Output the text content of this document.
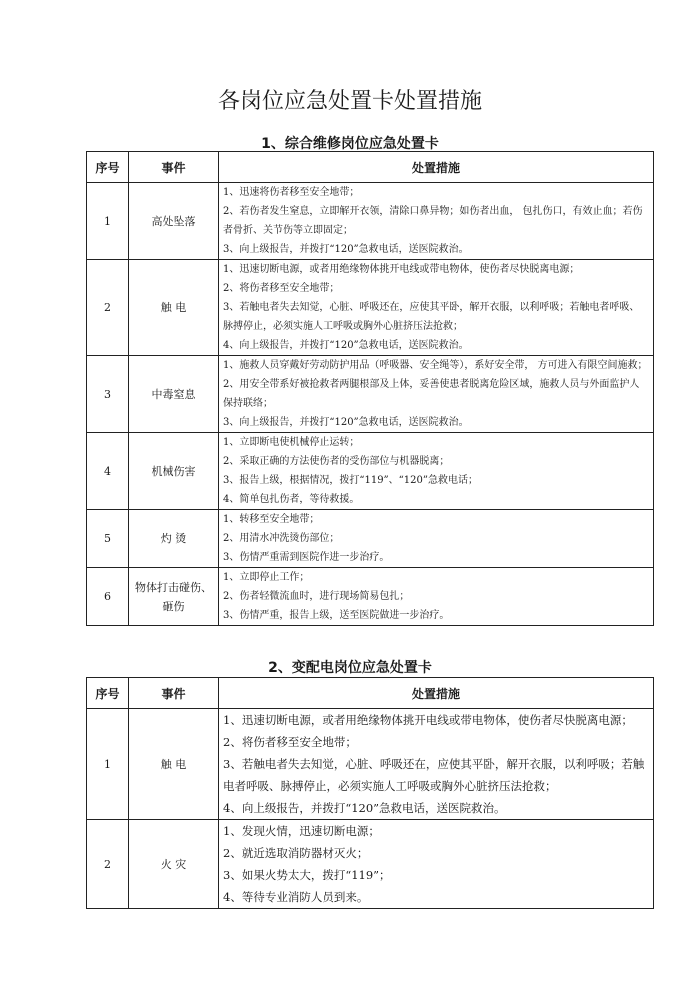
各岗位应急处置卡处置措施
1、综合维修岗位应急处置卡
序号	事件	处置措施
1	高处坠落	1、迅速将伤者移至安全地带；
2、若伤者发生窒息，立即解开衣领，清除口鼻异物；如伤者出血， 包扎伤口，有效止血；若伤者骨折、关节伤等立即固定；
3、向上级报告，并拨打“120”急救电话，送医院救治。

2	触 电	1、迅速切断电源，或者用绝缘物体挑开电线或带电物体，使伤者尽快脱离电源；
2、将伤者移至安全地带；
3、若触电者失去知觉，心脏、呼吸还在，应使其平卧，解开衣服，以利呼吸；若触电者呼吸、脉搏停止，必须实施人工呼吸或胸外心脏挤压法抢救；
4、向上级报告，并拨打“120”急救电话，送医院救治。

3	中毒窒息	1、施救人员穿戴好劳动防护用品（呼吸器、安全绳等），系好安全带， 方可进入有限空间施救；
2、用安全带系好被抢救者两腿根部及上体，妥善使患者脱离危险区域，施救人员与外面监护人保持联络；
3、向上级报告，并拨打“120”急救电话，送医院救治。

4	机械伤害	1、立即断电使机械停止运转；
2、采取正确的方法使伤者的受伤部位与机器脱离；
3、报告上级，根据情况，拨打“119”、“120”急救电话；
4、简单包扎伤者，等待救援。

5	灼 烫	1、转移至安全地带；
2、用清水冲洗烫伤部位；
3、伤情严重需到医院作进一步治疗。

6	物体打击碰伤、砸伤	1、立即停止工作；
2、伤者轻微流血时，进行现场简易包扎；
3、伤情严重，报告上级，送至医院做进一步治疗。
2、变配电岗位应急处置卡
序号	事件	处置措施
1	触 电	1、迅速切断电源，或者用绝缘物体挑开电线或带电物体，使伤者尽快脱离电源；
2、将伤者移至安全地带；
3、若触电者失去知觉，心脏、呼吸还在，应使其平卧，解开衣服，以利呼吸；若触电者呼吸、脉搏停止，必须实施人工呼吸或胸外心脏挤压法抢救；
4、向上级报告，并拨打“120”急救电话，送医院救治。

2	火 灾	1、发现火情，迅速切断电源；
2、就近选取消防器材灭火；
3、如果火势太大，拨打“119”；
4、等待专业消防人员到来。
